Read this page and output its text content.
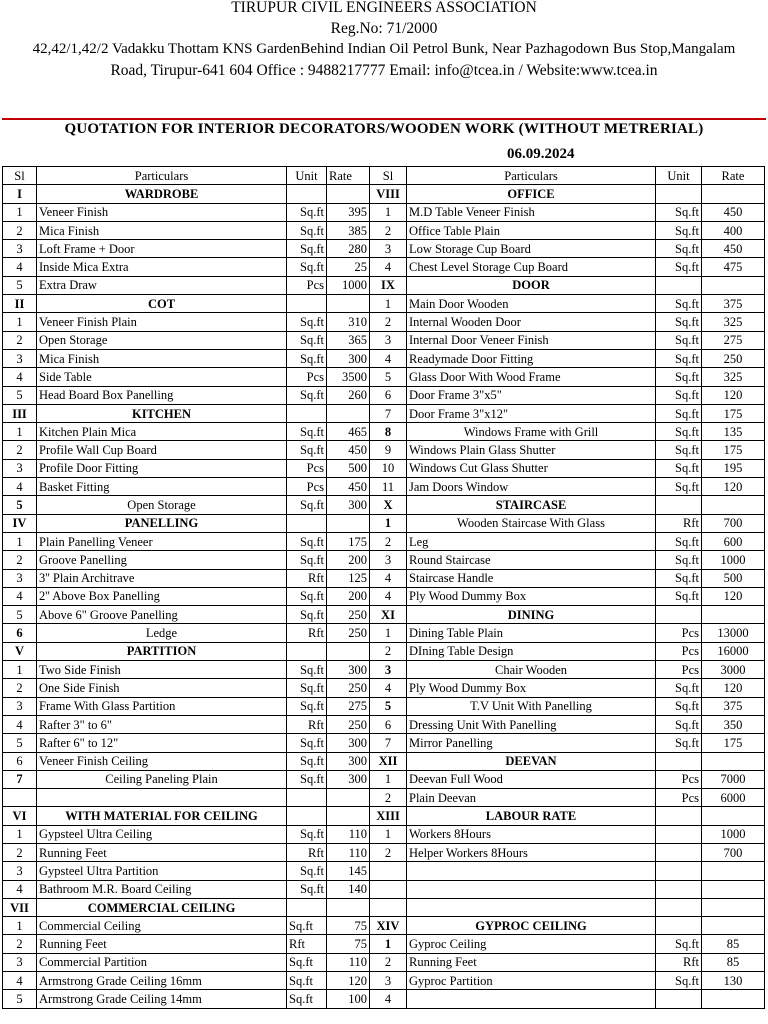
TIRUPUR CIVIL ENGINEERS ASSOCIATION
Reg.No: 71/2000
42,42/1,42/2 Vadakku Thottam KNS GardenBehind Indian Oil Petrol Bunk, Near Pazhagodown Bus Stop,Mangalam
Road, Tirupur-641 604 Office : 9488217777 Email: info@tcea.in / Website:www.tcea.in
QUOTATION FOR INTERIOR DECORATORS/WOODEN WORK (WITHOUT METRERIAL)
06.09.2024
Sl	Particulars	Unit	Rate	Sl	Particulars	Unit	Rate
I	WARDROBE			VIII	OFFICE		
1	Veneer Finish	Sq.ft	395	1	M.D Table Veneer Finish	Sq.ft	450
2	Mica Finish	Sq.ft	385	2	Office Table Plain	Sq.ft	400
3	Loft Frame + Door	Sq.ft	280	3	Low Storage Cup Board	Sq.ft	450
4	Inside Mica Extra	Sq.ft	25	4	Chest Level Storage Cup Board	Sq.ft	475
5	Extra Draw	Pcs	1000	IX	DOOR		
II	COT			1	Main Door Wooden	Sq.ft	375
1	Veneer Finish Plain	Sq.ft	310	2	Internal Wooden Door	Sq.ft	325
2	Open Storage	Sq.ft	365	3	Internal Door Veneer Finish	Sq.ft	275
3	Mica Finish	Sq.ft	300	4	Readymade Door Fitting	Sq.ft	250
4	Side Table	Pcs	3500	5	Glass Door With Wood Frame	Sq.ft	325
5	Head Board Box Panelling	Sq.ft	260	6	Door Frame 3"x5"	Sq.ft	120
III	KITCHEN			7	Door Frame 3"x12"	Sq.ft	175
1	Kitchen Plain Mica	Sq.ft	465	8	Windows Frame with Grill	Sq.ft	135
2	Profile Wall Cup Board	Sq.ft	450	9	Windows Plain Glass Shutter	Sq.ft	175
3	Profile Door Fitting	Pcs	500	10	Windows Cut Glass Shutter	Sq.ft	195
4	Basket Fitting	Pcs	450	11	Jam Doors Window	Sq.ft	120
5	Open Storage	Sq.ft	300	X	STAIRCASE		
IV	PANELLING			1	Wooden Staircase With Glass	Rft	700
1	Plain Panelling Veneer	Sq.ft	175	2	Leg	Sq.ft	600
2	Groove Panelling	Sq.ft	200	3	Round Staircase	Sq.ft	1000
3	3'' Plain Architrave	Rft	125	4	Staircase Handle	Sq.ft	500
4	2'' Above Box Panelling	Sq.ft	200	4	Ply Wood Dummy Box	Sq.ft	120
5	Above 6" Groove Panelling	Sq.ft	250	XI	DINING		
6	Ledge	Rft	250	1	Dining Table Plain	Pcs	13000
V	PARTITION			2	DIning Table Design	Pcs	16000
1	Two Side Finish	Sq.ft	300	3	Chair Wooden	Pcs	3000
2	One Side Finish	Sq.ft	250	4	Ply Wood Dummy Box	Sq.ft	120
3	Frame With Glass Partition	Sq.ft	275	5	T.V Unit With Panelling	Sq.ft	375
4	Rafter 3" to 6"	Rft	250	6	Dressing Unit With Panelling	Sq.ft	350
5	Rafter 6" to 12"	Sq.ft	300	7	Mirror Panelling	Sq.ft	175
6	Veneer Finish Ceiling	Sq.ft	300	XII	DEEVAN		
7	Ceiling Paneling Plain	Sq.ft	300	1	Deevan Full Wood	Pcs	7000
				2	Plain Deevan	Pcs	6000
VI	WITH MATERIAL FOR CEILING			XIII	LABOUR RATE		
1	Gypsteel Ultra Ceiling	Sq.ft	110	1	Workers 8Hours		1000
2	Running Feet	Rft	110	2	Helper Workers 8Hours		700
3	Gypsteel Ultra Partition	Sq.ft	145				
4	Bathroom M.R. Board Ceiling	Sq.ft	140				
VII	COMMERCIAL CEILING						
1	Commercial Ceiling	Sq.ft	75	XIV	GYPROC CEILING		
2	Running Feet	Rft	75	1	Gyproc Ceiling	Sq.ft	85
3	Commercial Partition	Sq.ft	110	2	Running Feet	Rft	85
4	Armstrong Grade Ceiling 16mm	Sq.ft	120	3	Gyproc Partition	Sq.ft	130
5	Armstrong Grade Ceiling 14mm	Sq.ft	100	4			
